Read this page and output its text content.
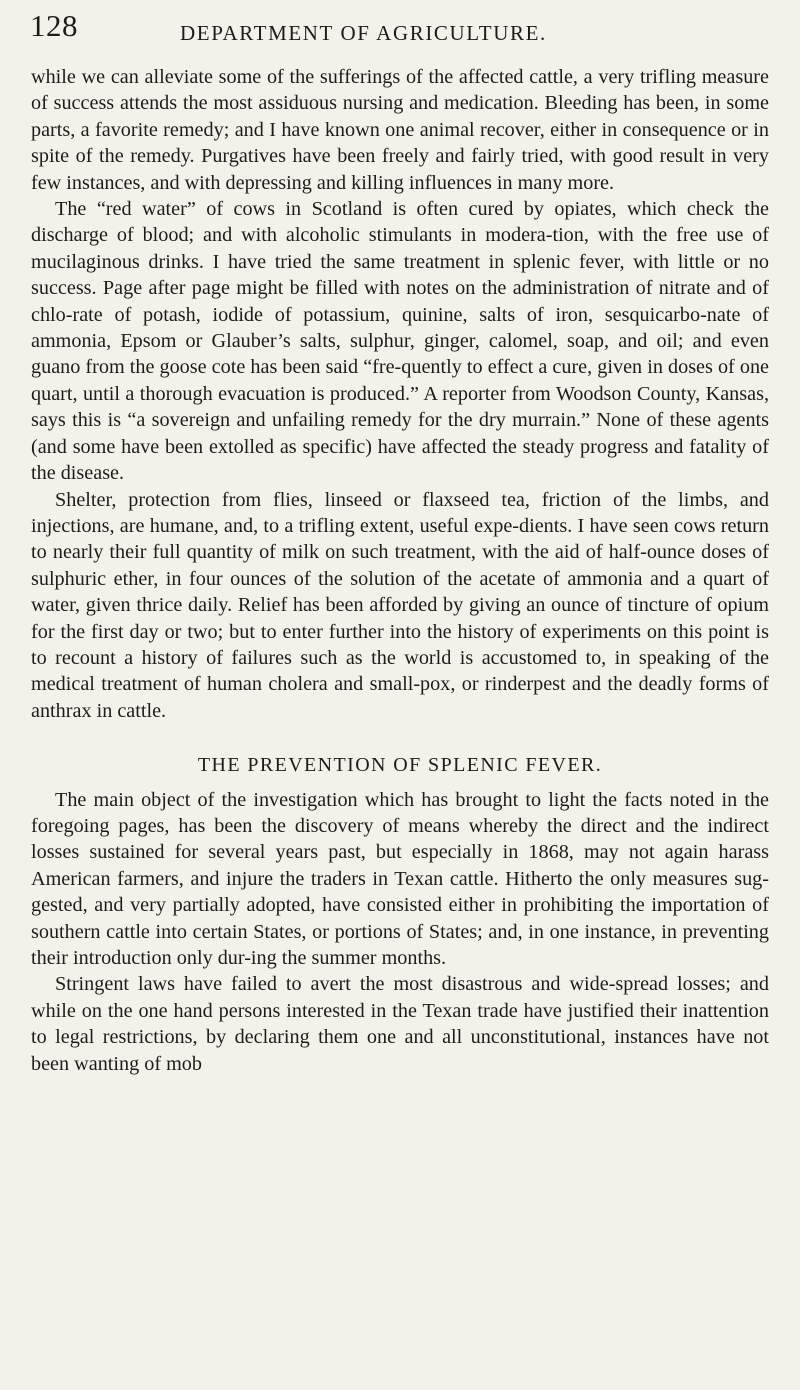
128	DEPARTMENT OF AGRICULTURE.

while we can alleviate some of the sufferings of the affected cattle, a very trifling measure of success attends the most assiduous nursing and medication. Bleeding has been, in some parts, a favorite remedy; and I have known one animal recover, either in consequence or in spite of the remedy. Purgatives have been freely and fairly tried, with good result in very few instances, and with depressing and killing influences in many more.

The “red water” of cows in Scotland is often cured by opiates, which check the discharge of blood; and with alcoholic stimulants in modera-tion, with the free use of mucilaginous drinks. I have tried the same treatment in splenic fever, with little or no success. Page after page might be filled with notes on the administration of nitrate and of chlo-rate of potash, iodide of potassium, quinine, salts of iron, sesquicarbo-nate of ammonia, Epsom or Glauber’s salts, sulphur, ginger, calomel, soap, and oil; and even guano from the goose cote has been said “fre-quently to effect a cure, given in doses of one quart, until a thorough evacuation is produced.” A reporter from Woodson County, Kansas, says this is “a sovereign and unfailing remedy for the dry murrain.” None of these agents (and some have been extolled as specific) have affected the steady progress and fatality of the disease.

Shelter, protection from flies, linseed or flaxseed tea, friction of the limbs, and injections, are humane, and, to a trifling extent, useful expe-dients. I have seen cows return to nearly their full quantity of milk on such treatment, with the aid of half-ounce doses of sulphuric ether, in four ounces of the solution of the acetate of ammonia and a quart of water, given thrice daily. Relief has been afforded by giving an ounce of tincture of opium for the first day or two; but to enter further into the history of experiments on this point is to recount a history of failures such as the world is accustomed to, in speaking of the medical treatment of human cholera and small-pox, or rinderpest and the deadly forms of anthrax in cattle.

THE PREVENTION OF SPLENIC FEVER.

The main object of the investigation which has brought to light the facts noted in the foregoing pages, has been the discovery of means whereby the direct and the indirect losses sustained for several years past, but especially in 1868, may not again harass American farmers, and injure the traders in Texan cattle. Hitherto the only measures sug-gested, and very partially adopted, have consisted either in prohibiting the importation of southern cattle into certain States, or portions of States; and, in one instance, in preventing their introduction only dur-ing the summer months.

Stringent laws have failed to avert the most disastrous and wide-spread losses; and while on the one hand persons interested in the Texan trade have justified their inattention to legal restrictions, by declaring them one and all unconstitutional, instances have not been wanting of mob
